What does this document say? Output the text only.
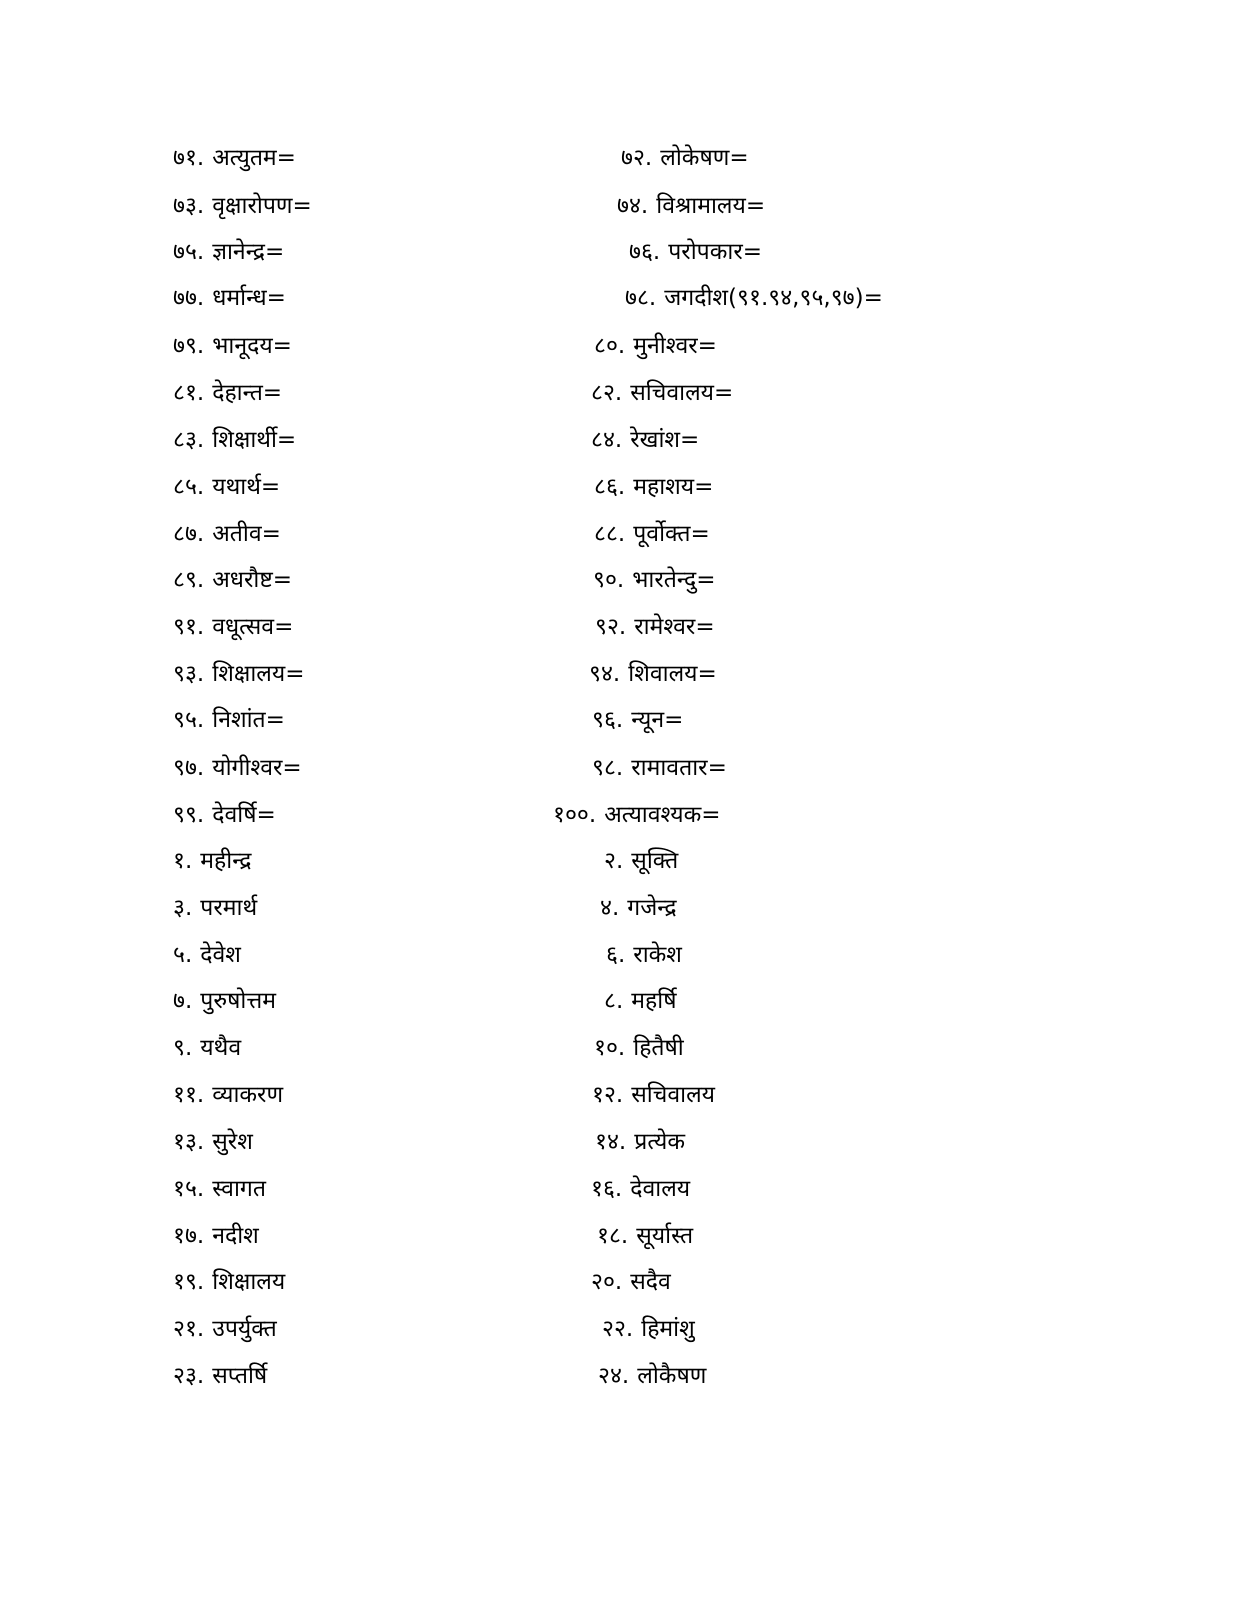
७१. अत्युतम=	७२. लोकेषण=
७३. वृक्षारोपण=	७४. विश्रामालय=
७५. ज्ञानेन्द्र=	७६. परोपकार=
७७. धर्मान्ध=	७८. जगदीश(९१.९४,९५,९७)=
७९. भानूदय=	८०. मुनीश्वर=
८१. देहान्त=	८२. सचिवालय=
८३. शिक्षार्थी=	८४. रेखांश=
८५. यथार्थ=	८६. महाशय=
८७. अतीव=	८८. पूर्वोक्त=
८९. अधरौष्ट=	९०. भारतेन्दु=
९१. वधूत्सव=	९२. रामेश्वर=
९३. शिक्षालय=	९४. शिवालय=
९५. निशांत=	९६. न्यून=
९७. योगीश्वर=	९८. रामावतार=
९९. देवर्षि=	१००. अत्यावश्यक=
१. महीन्द्र	२. सूक्ति
३. परमार्थ	४. गजेन्द्र
५. देवेश	६. राकेश
७. पुरुषोत्तम	८. महर्षि
९. यथैव	१०. हितैषी
११. व्याकरण	१२. सचिवालय
१३. सुरेश	१४. प्रत्येक
१५. स्वागत	१६. देवालय
१७. नदीश	१८. सूर्यास्त
१९. शिक्षालय	२०. सदैव
२१. उपर्युक्त	२२. हिमांशु
२३. सप्तर्षि	२४. लोकैषण
